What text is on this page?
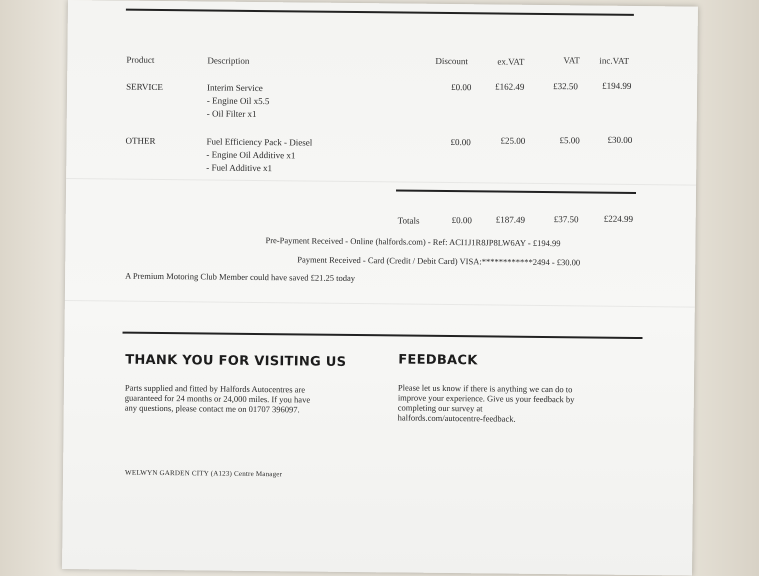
Product	Description	Discount	ex.VAT	VAT inc.VAT
SERVICE	Interim Service
- Engine Oil x5.5
- Oil Filter x1
£0.00	£162.49	£32.50	£194.99
OTHER	Fuel Efficiency Pack - Diesel
- Engine Oil Additive x1
- Fuel Additive x1
£0.00	£25.00	£5.00	£30.00
Totals	£0.00	£187.49	£37.50	£224.99
Pre-Payment Received - Online (halfords.com) - Ref: ACI1J1R8JP8LW6AY - £194.99
Payment Received - Card (Credit / Debit Card) VISA:************2494 - £30.00
A Premium Motoring Club Member could have saved £21.25 today
THANK YOU FOR VISITING US
Parts supplied and fitted by Halfords Autocentres are
guaranteed for 24 months or 24,000 miles. If you have
any questions, please contact me on 01707 396097.
FEEDBACK
Please let us know if there is anything we can do to
improve your experience. Give us your feedback by
completing our survey at
halfords.com/autocentre-feedback.
WELWYN GARDEN CITY (A123) Centre Manager
